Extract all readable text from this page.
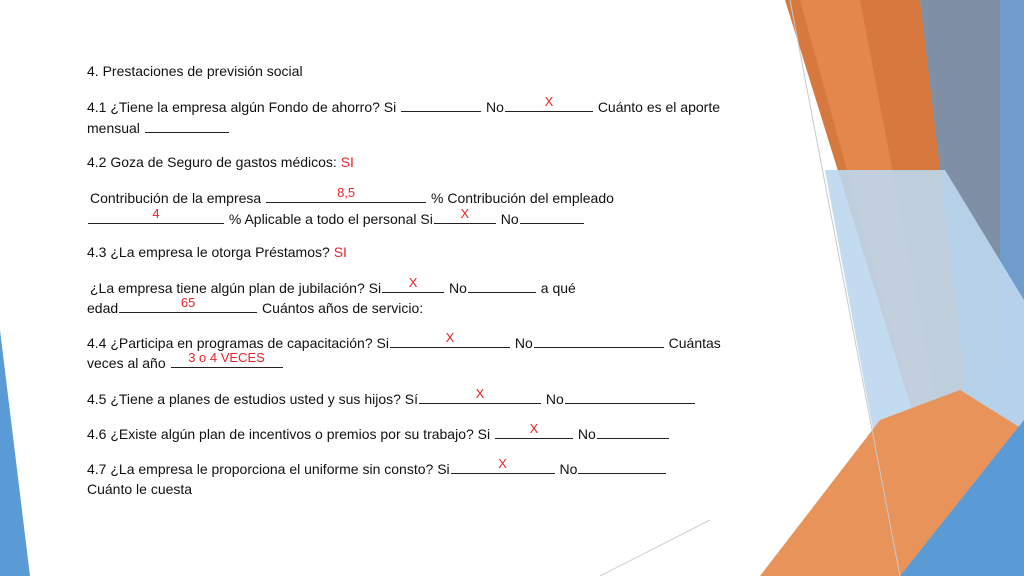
4. Prestaciones de previsión social
4.1 ¿Tiene la empresa algún Fondo de ahorro? Si	No	X	Cuánto es el aporte
mensual
4.2 Goza de Seguro de gastos médicos: SI
Contribución de la empresa	8,5	% Contribución del empleado
4	% Aplicable a todo el personal Si	X	No
4.3 ¿La empresa le otorga Préstamos? SI
¿La empresa tiene algún plan de jubilación? Si	X	No	a qué
edad	65	Cuántos años de servicio:
4.4 ¿Participa en programas de capacitación? Si	X	No	Cuántas
veces al año	3 o 4 VECES
4.5 ¿Tiene a planes de estudios usted y sus hijos? Sí	X	No
4.6 ¿Existe algún plan de incentivos o premios por su trabajo? Si	X	No
4.7 ¿La empresa le proporciona el uniforme sin consto? Si	X	No
Cuánto le cuesta
